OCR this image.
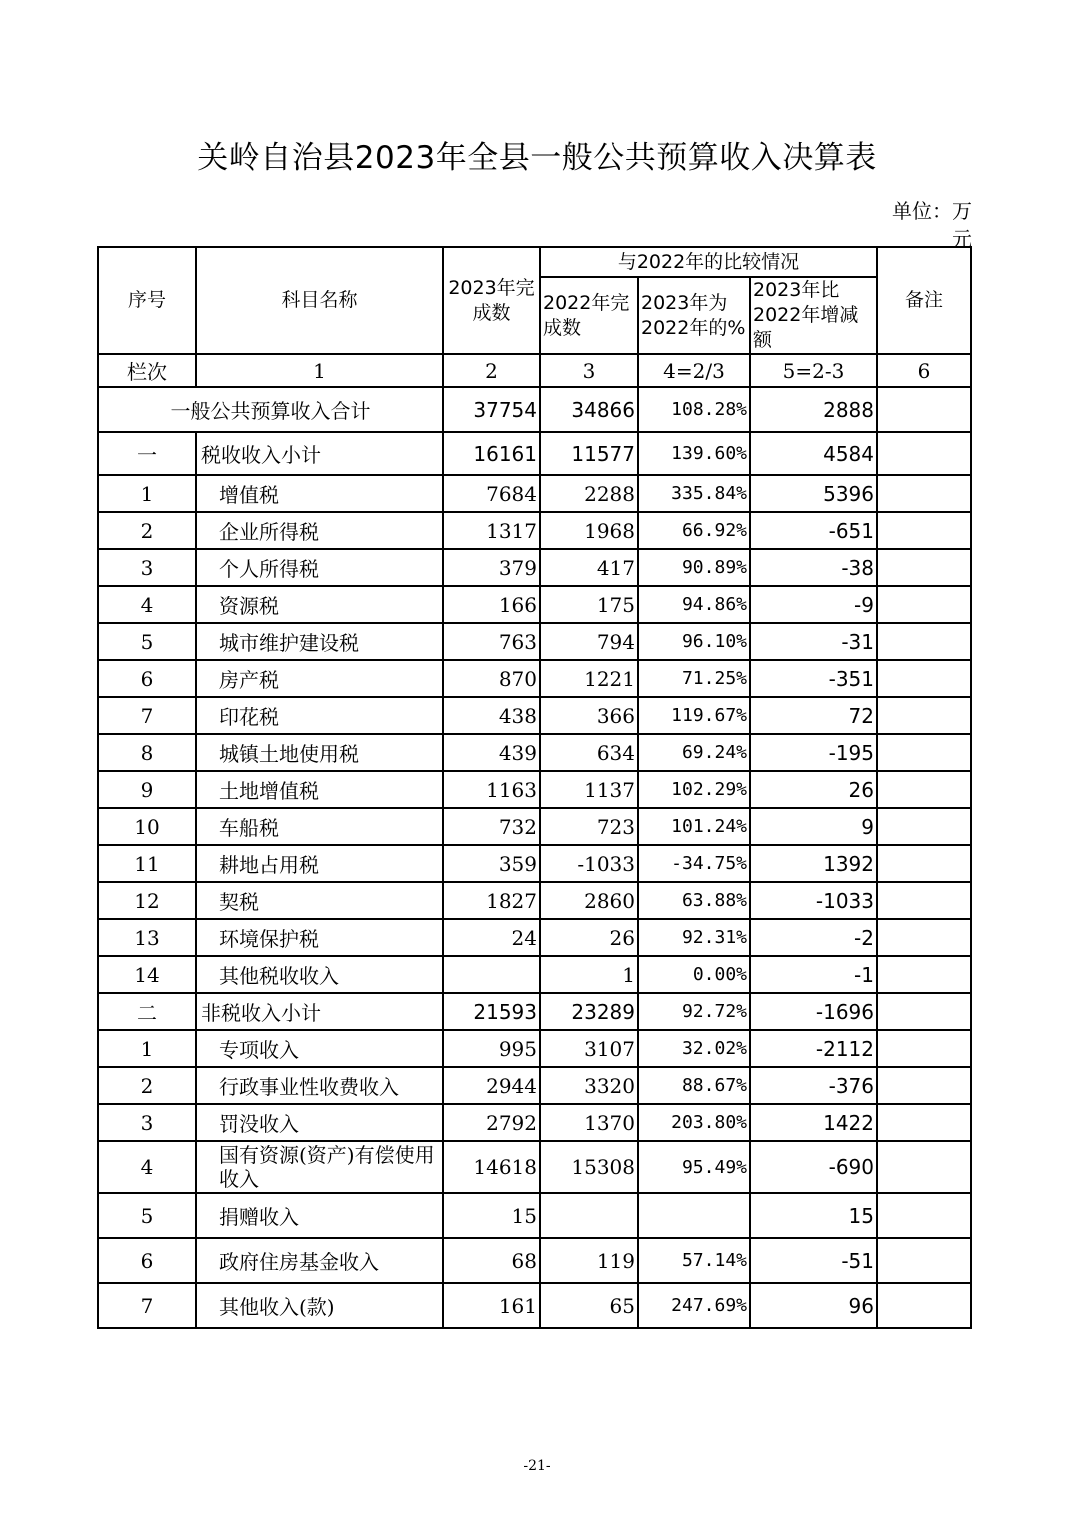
关岭自治县2023年全县一般公共预算收入决算表
单位：万元
序号	科目名称	2023年完成数	与2022年的比较情况			备注
			2022年完成数	2023年为2022年的%	2023年比2022年增减额	
栏次	1	2	3	4=2/3	5=2-3	6
一般公共预算收入合计		37754	34866	108.28%	2888	
一	税收收入小计	16161	11577	139.60%	4584	
1	增值税	7684	2288	335.84%	5396	
2	企业所得税	1317	1968	66.92%	-651	
3	个人所得税	379	417	90.89%	-38	
4	资源税	166	175	94.86%	-9	
5	城市维护建设税	763	794	96.10%	-31	
6	房产税	870	1221	71.25%	-351	
7	印花税	438	366	119.67%	72	
8	城镇土地使用税	439	634	69.24%	-195	
9	土地增值税	1163	1137	102.29%	26	
10	车船税	732	723	101.24%	9	
11	耕地占用税	359	-1033	-34.75%	1392	
12	契税	1827	2860	63.88%	-1033	
13	环境保护税	24	26	92.31%	-2	
14	其他税收收入		1	0.00%	-1	
二	非税收入小计	21593	23289	92.72%	-1696	
1	专项收入	995	3107	32.02%	-2112	
2	行政事业性收费收入	2944	3320	88.67%	-376	
3	罚没收入	2792	1370	203.80%	1422	
4	国有资源(资产)有偿使用收入	14618	15308	95.49%	-690	
5	捐赠收入	15			15	
6	政府住房基金收入	68	119	57.14%	-51	
7	其他收入(款)	161	65	247.69%	96	
-21-
